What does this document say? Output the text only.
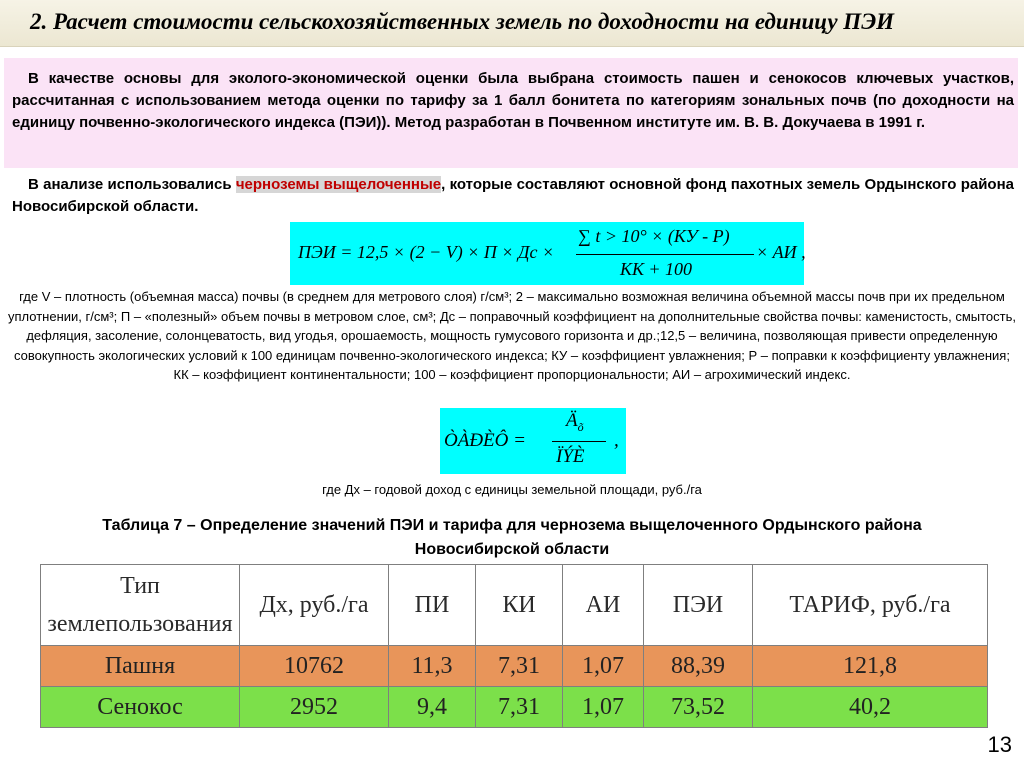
2. Расчет стоимости сельскохозяйственных земель по доходности на единицу ПЭИ

В качестве основы для эколого-экономической оценки была выбрана стоимость пашен и сенокосов ключевых участков, рассчитанная с использованием метода оценки по тарифу за 1 балл бонитета по категориям зональных почв (по доходности на единицу почвенно-экологического индекса (ПЭИ)). Метод разработан в Почвенном институте им. В. В. Докучаева в 1991 г.

В анализе использовались черноземы выщелоченные, которые составляют основной фонд пахотных земель Ордынского района Новосибирской области.

ПЭИ = 12,5 × (2 − V) × П × Дс ×
∑ t > 10° × (КУ - Р)
КК + 100
× АИ ,

где V – плотность (объемная масса) почвы (в среднем для метрового слоя) г/см³; 2 – максимально возможная величина объемной массы почв при их предельном уплотнении, г/см³; П – «полезный» объем почвы в метровом слое, см³; Дс – поправочный коэффициент на дополнительные свойства почвы: каменистость, смытость, дефляция, засоление, солонцеватость, вид угодья, орошаемость, мощность гумусового горизонта и др.;12,5 – величина, позволяющая привести определенную совокупность экологических условий к 100 единицам почвенно-экологического индекса; КУ – коэффициент увлажнения; Р – поправки к коэффициенту увлажнения; КК – коэффициент континентальности; 100 – коэффициент пропорциональности; АИ – агрохимический индекс.

ÒÀÐÈÔ =
$Ä_õ$
ÏÝÈ
,

где Дх – годовой доход с единицы земельной площади, руб./га

Таблица 7 – Определение значений ПЭИ и тарифа для чернозема выщелоченного Ордынского района Новосибирской области

Тип землепользования	Дх, руб./га	ПИ	КИ	АИ	ПЭИ	ТАРИФ, руб./га
Пашня	10762	11,3	7,31	1,07	88,39	121,8
Сенокос	2952	9,4	7,31	1,07	73,52	40,2
13
